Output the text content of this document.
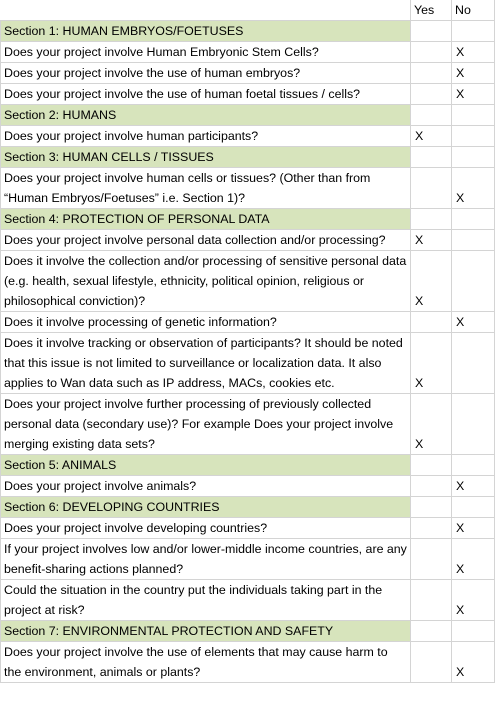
	Yes	No
Section 1: HUMAN EMBRYOS/FOETUSES		
Does your project involve Human Embryonic Stem Cells?		X
Does your project involve the use of human embryos?		X
Does your project involve the use of human foetal tissues / cells?		X
Section 2: HUMANS		
Does your project involve human participants?	X	
Section 3: HUMAN CELLS / TISSUES		
Does your project involve human cells or tissues? (Other than from “Human Embryos/Foetuses” i.e. Section 1)?		X
Section 4: PROTECTION OF PERSONAL DATA		
Does your project involve personal data collection and/or processing?	X	
Does it involve the collection and/or processing of sensitive personal data (e.g. health, sexual lifestyle, ethnicity, political opinion, religious or philosophical conviction)?	X	
Does it involve processing of genetic information?		X
Does it involve tracking or observation of participants? It should be noted that this issue is not limited to surveillance or localization data. It also applies to Wan data such as IP address, MACs, cookies etc.	X	
Does your project involve further processing of previously collected personal data (secondary use)? For example Does your project involve merging existing data sets?	X	
Section 5: ANIMALS		
Does your project involve animals?		X
Section 6: DEVELOPING COUNTRIES		
Does your project involve developing countries?		X
If your project involves low and/or lower-middle income countries, are any benefit-sharing actions planned?		X
Could the situation in the country put the individuals taking part in the project at risk?		X
Section 7: ENVIRONMENTAL PROTECTION AND SAFETY		
Does your project involve the use of elements that may cause harm to the environment, animals or plants?		X
